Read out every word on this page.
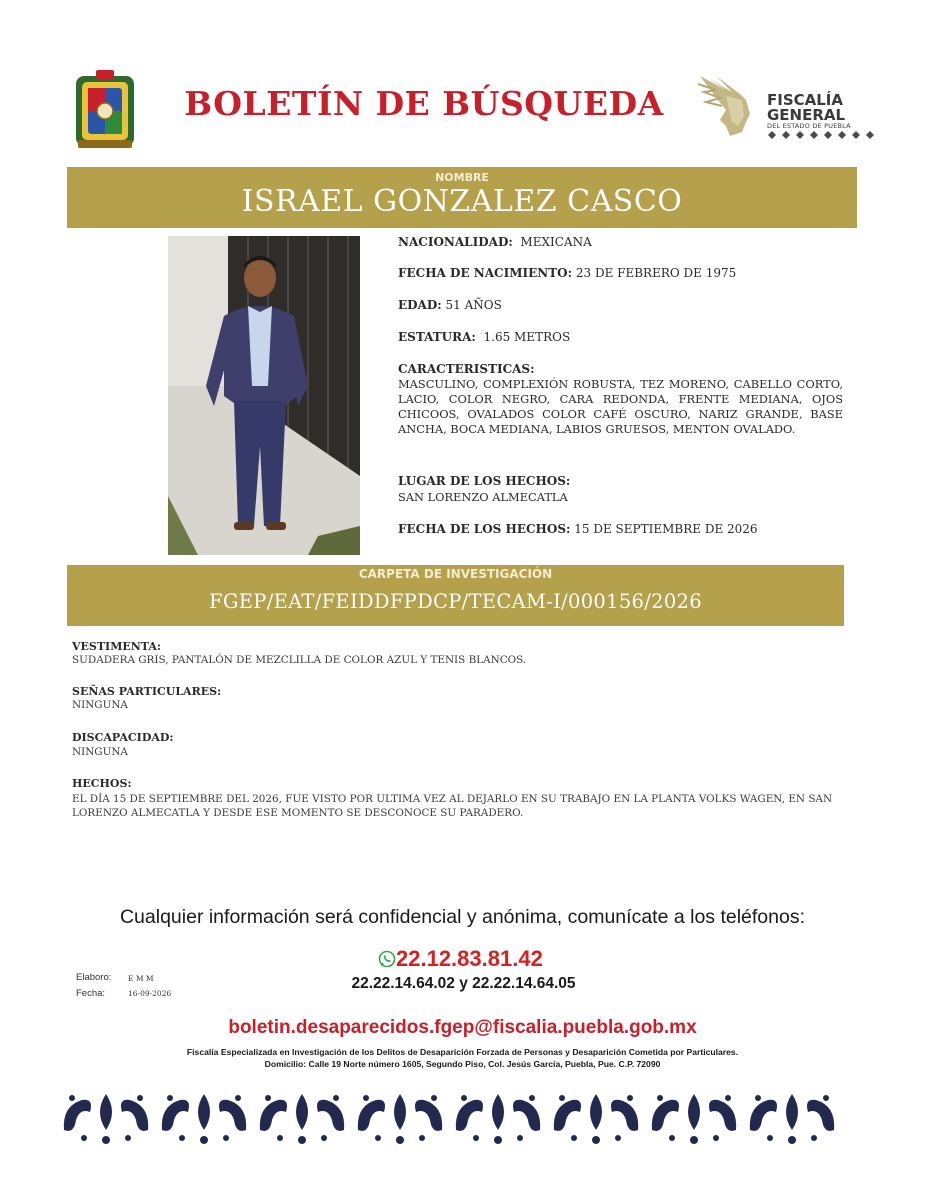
BOLETÍN DE BÚSQUEDA	FISCALÍA
GENERAL
DEL ESTADO DE PUEBLA
NOMBRE
ISRAEL GONZALEZ CASCO
NACIONALIDAD: MEXICANA
FECHA DE NACIMIENTO: 23 DE FEBRERO DE 1975
EDAD: 51 AÑOS
ESTATURA: 1.65 METROS
CARACTERISTICAS:
MASCULINO, COMPLEXIÓN ROBUSTA, TEZ MORENO, CABELLO CORTO, LACIO, COLOR NEGRO, CARA REDONDA, FRENTE MEDIANA, OJOS CHICOOS, OVALADOS COLOR CAFÉ OSCURO, NARIZ GRANDE, BASE ANCHA, BOCA MEDIANA, LABIOS GRUESOS, MENTON OVALADO.
LUGAR DE LOS HECHOS:
SAN LORENZO ALMECATLA
FECHA DE LOS HECHOS: 15 DE SEPTIEMBRE DE 2026
CARPETA DE INVESTIGACIÓN
FGEP/EAT/FEIDDFPDCP/TECAM-I/000156/2026
VESTIMENTA:
SUDADERA GRIS, PANTALÓN DE MEZCLILLA DE COLOR AZUL Y TENIS BLANCOS.
SEÑAS PARTICULARES:
NINGUNA
DISCAPACIDAD:
NINGUNA
HECHOS:
EL DÍA 15 DE SEPTIEMBRE DEL 2026, FUE VISTO POR ULTIMA VEZ AL DEJARLO EN SU TRABAJO EN LA PLANTA VOLKS WAGEN, EN SAN LORENZO ALMECATLA Y DESDE ESE MOMENTO SE DESCONOCE SU PARADERO.
Cualquier información será confidencial y anónima, comunícate a los teléfonos:
22.12.83.81.42
22.22.14.64.02 y 22.22.14.64.05
Elaboro: E M M
Fecha:	16-09-2026
boletin.desaparecidos.fgep@fiscalia.puebla.gob.mx
Fiscalía Especializada en Investigación de los Delitos de Desaparición Forzada de Personas y Desaparición Cometida por Particulares.
Domicilio: Calle 19 Norte número 1605, Segundo Piso, Col. Jesús García, Puebla, Pue. C.P. 72090
